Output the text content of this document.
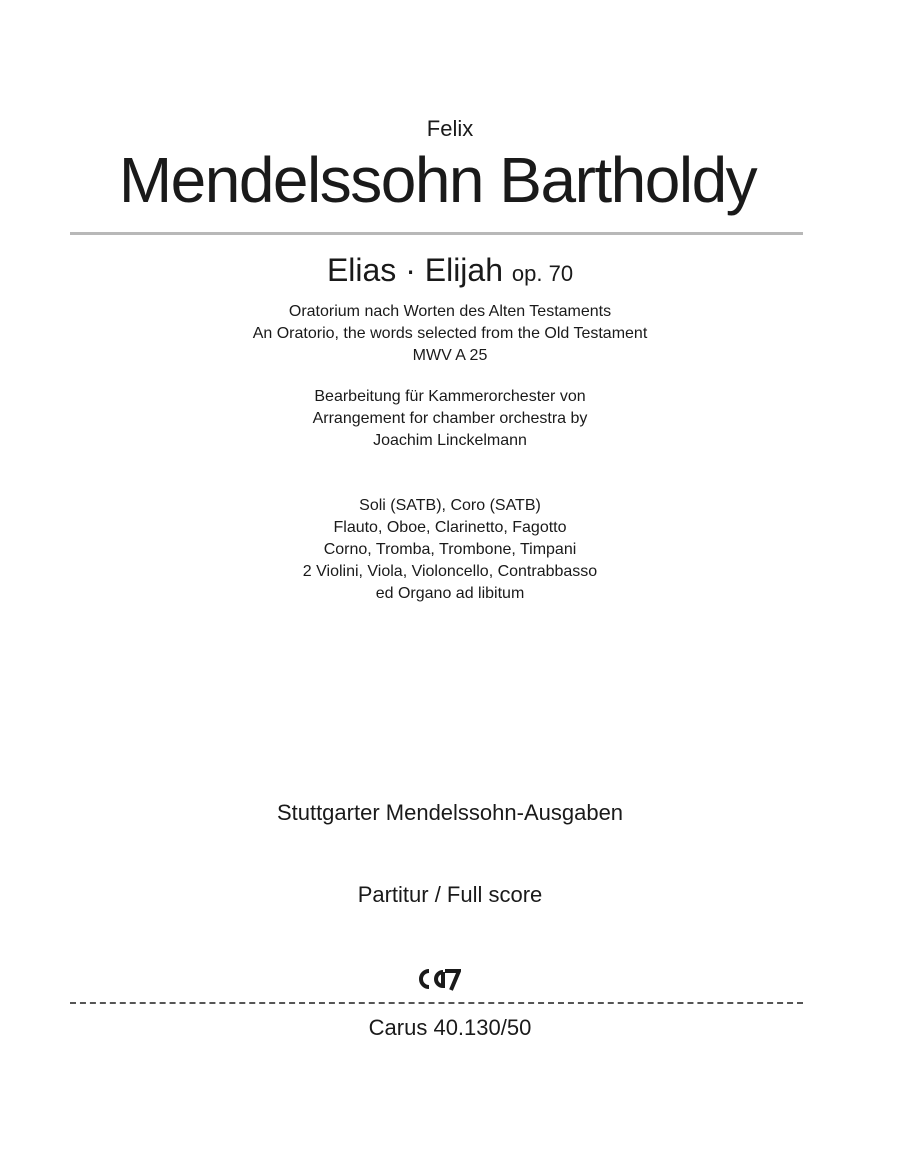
Felix
Mendelssohn Bartholdy
Elias · Elijah op. 70
Oratorium nach Worten des Alten Testaments
An Oratorio, the words selected from the Old Testament
MWV A 25
Bearbeitung für Kammerorchester von
Arrangement for chamber orchestra by
Joachim Linckelmann
Soli (SATB), Coro (SATB)
Flauto, Oboe, Clarinetto, Fagotto
Corno, Tromba, Trombone, Timpani
2 Violini, Viola, Violoncello, Contrabbasso
ed Organo ad libitum
Stuttgarter Mendelssohn-Ausgaben
Partitur / Full score
Carus 40.130/50
